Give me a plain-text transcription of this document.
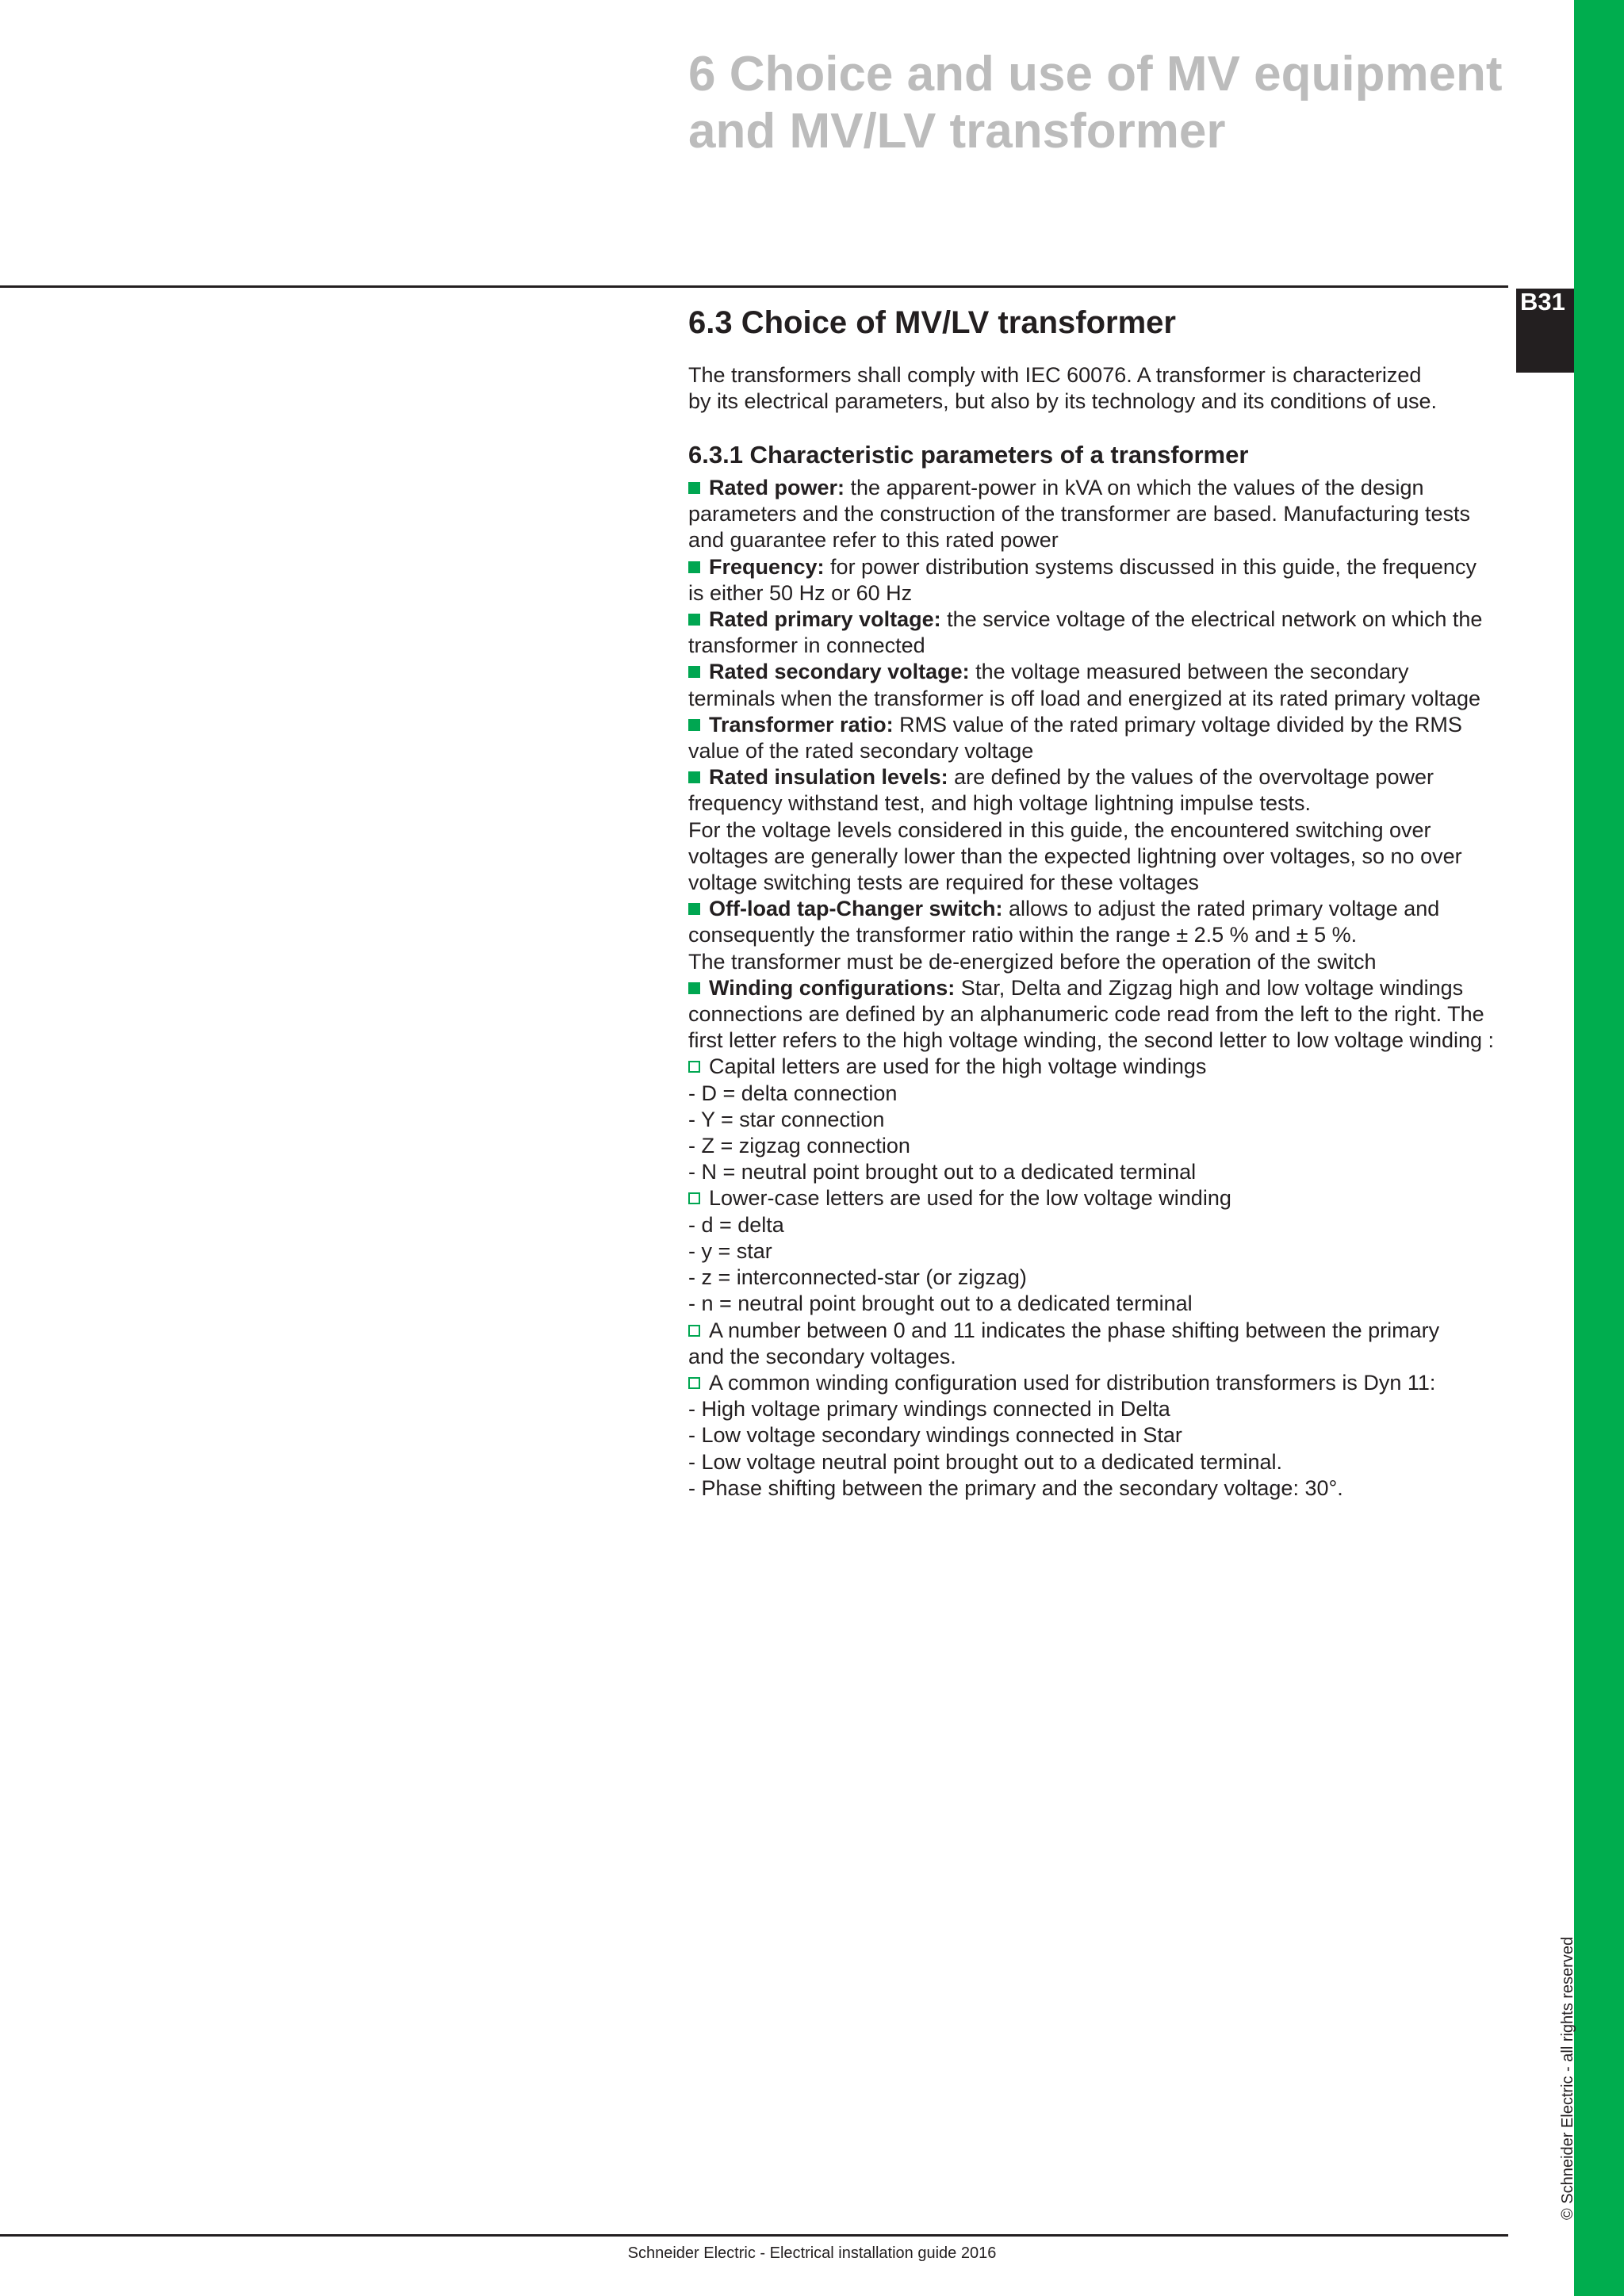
6 Choice and use of MV equipment
and MV/LV transformer
B31
6.3 Choice of MV/LV transformer

The transformers shall comply with IEC 60076. A transformer is characterized
by its electrical parameters, but also by its technology and its conditions of use.

6.3.1 Characteristic parameters of a transformer
Rated power: the apparent-power in kVA on which the values of the design
parameters and the construction of the transformer are based. Manufacturing tests
and guarantee refer to this rated power
Frequency: for power distribution systems discussed in this guide, the frequency
is either 50 Hz or 60 Hz
Rated primary voltage: the service voltage of the electrical network on which the
transformer in connected
Rated secondary voltage: the voltage measured between the secondary
terminals when the transformer is off load and energized at its rated primary voltage
Transformer ratio: RMS value of the rated primary voltage divided by the RMS
value of the rated secondary voltage
Rated insulation levels: are defined by the values of the overvoltage power
frequency withstand test, and high voltage lightning impulse tests.
For the voltage levels considered in this guide, the encountered switching over
voltages are generally lower than the expected lightning over voltages, so no over
voltage switching tests are required for these voltages
Off-load tap-Changer switch: allows to adjust the rated primary voltage and
consequently the transformer ratio within the range ± 2.5 % and ± 5 %.
The transformer must be de-energized before the operation of the switch
Winding configurations: Star, Delta and Zigzag high and low voltage windings
connections are defined by an alphanumeric code read from the left to the right. The
first letter refers to the high voltage winding, the second letter to low voltage winding :
Capital letters are used for the high voltage windings
- D = delta connection
- Y = star connection
- Z = zigzag connection
- N = neutral point brought out to a dedicated terminal
Lower-case letters are used for the low voltage winding
- d = delta
- y = star
- z = interconnected-star (or zigzag)
- n = neutral point brought out to a dedicated terminal
A number between 0 and 11 indicates the phase shifting between the primary
and the secondary voltages.
A common winding configuration used for distribution transformers is Dyn 11:
- High voltage primary windings connected in Delta
- Low voltage secondary windings connected in Star
- Low voltage neutral point brought out to a dedicated terminal.
- Phase shifting between the primary and the secondary voltage: 30°.
© Schneider Electric - all rights reserved
Schneider Electric - Electrical installation guide 2016
